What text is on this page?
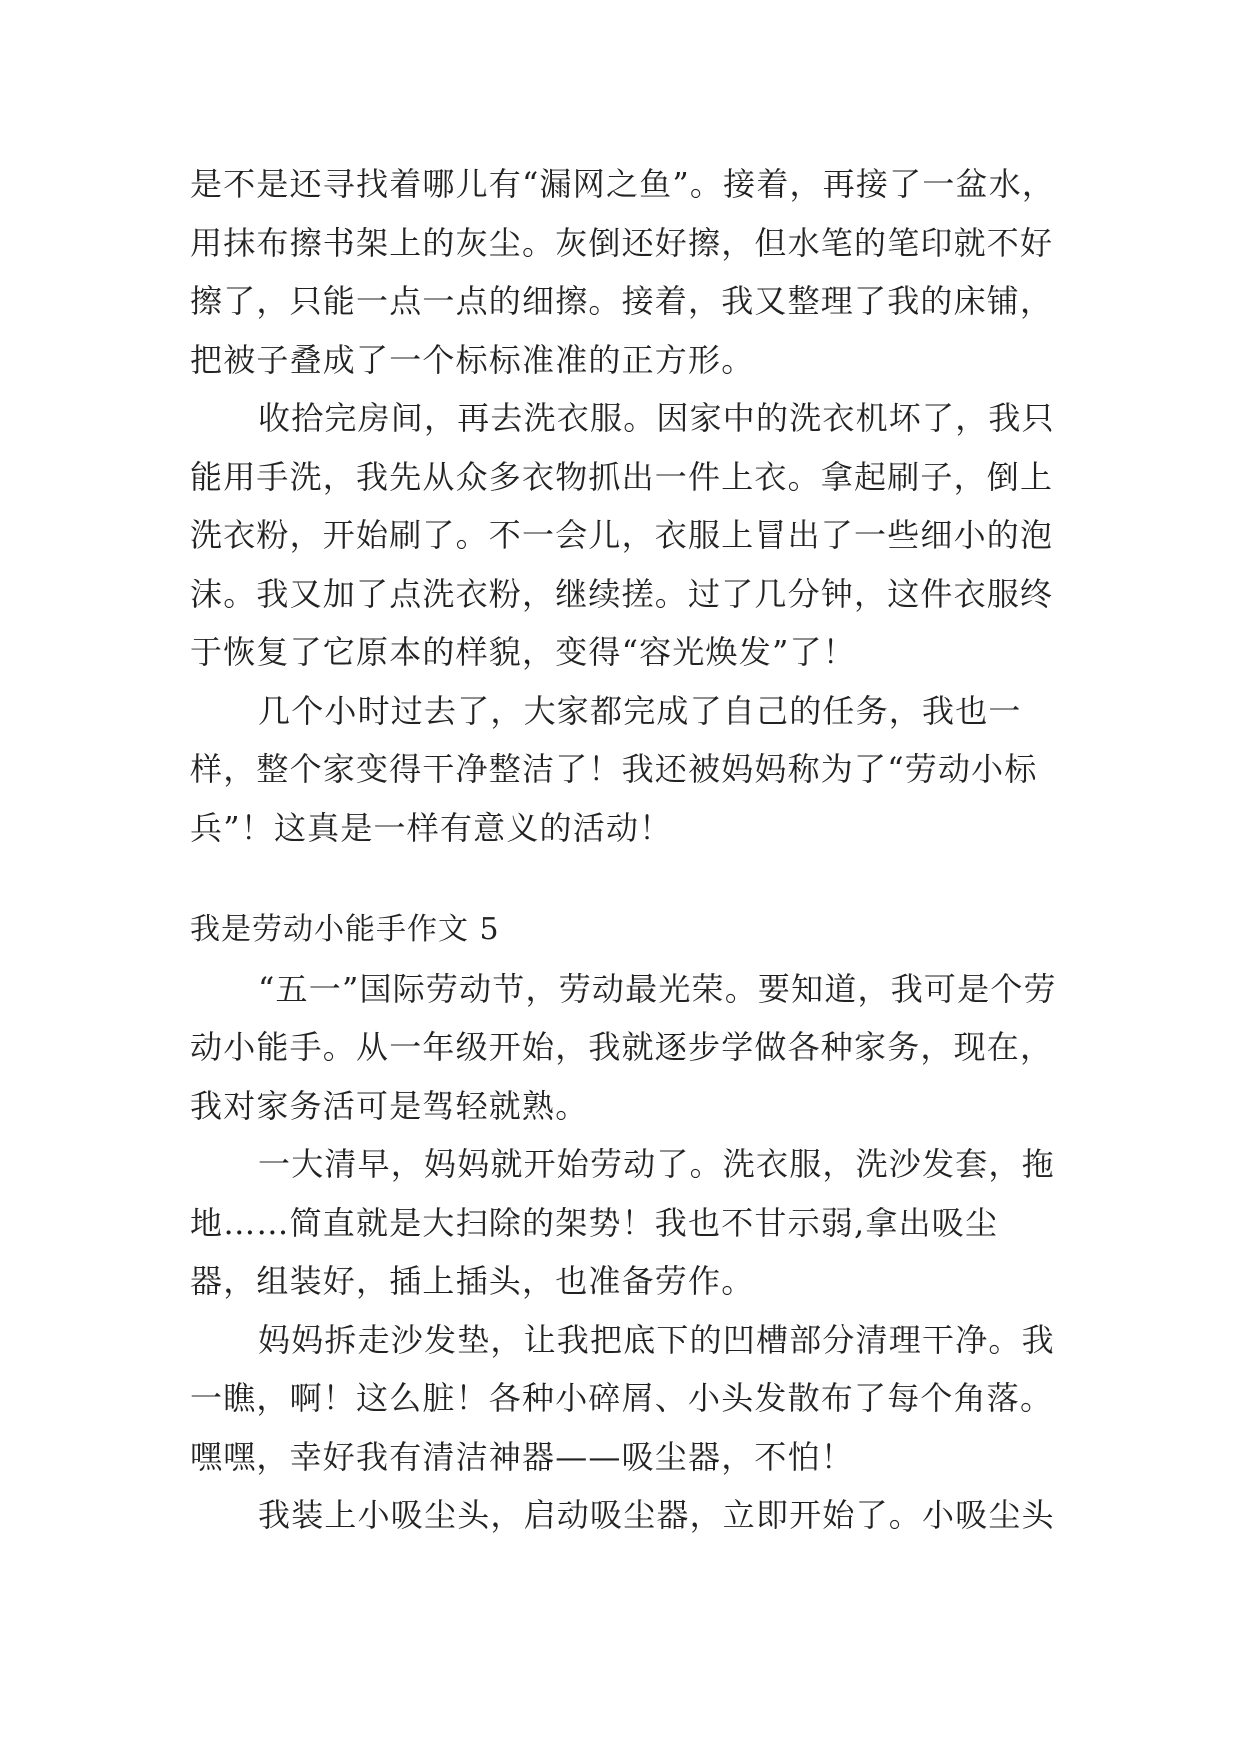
是不是还寻找着哪儿有“漏网之鱼”。接着，再接了一盆水，用抹布擦书架上的灰尘。灰倒还好擦，但水笔的笔印就不好擦了，只能一点一点的细擦。接着，我又整理了我的床铺，把被子叠成了一个标标准准的正方形。

收拾完房间，再去洗衣服。因家中的洗衣机坏了，我只能用手洗，我先从众多衣物抓出一件上衣。拿起刷子，倒上洗衣粉，开始刷了。不一会儿，衣服上冒出了一些细小的泡沫。我又加了点洗衣粉，继续搓。过了几分钟，这件衣服终于恢复了它原本的样貌，变得“容光焕发”了！

几个小时过去了，大家都完成了自己的任务，我也一样，整个家变得干净整洁了！我还被妈妈称为了“劳动小标兵”！这真是一样有意义的活动！

我是劳动小能手作文 5

“五一”国际劳动节，劳动最光荣。要知道，我可是个劳动小能手。从一年级开始，我就逐步学做各种家务，现在，我对家务活可是驾轻就熟。

一大清早，妈妈就开始劳动了。洗衣服，洗沙发套，拖地……简直就是大扫除的架势！我也不甘示弱,拿出吸尘器，组装好，插上插头，也准备劳作。

妈妈拆走沙发垫，让我把底下的凹槽部分清理干净。我一瞧，啊！这么脏！各种小碎屑、小头发散布了每个角落。嘿嘿，幸好我有清洁神器——吸尘器，不怕！

我装上小吸尘头，启动吸尘器，立即开始了。小吸尘头
